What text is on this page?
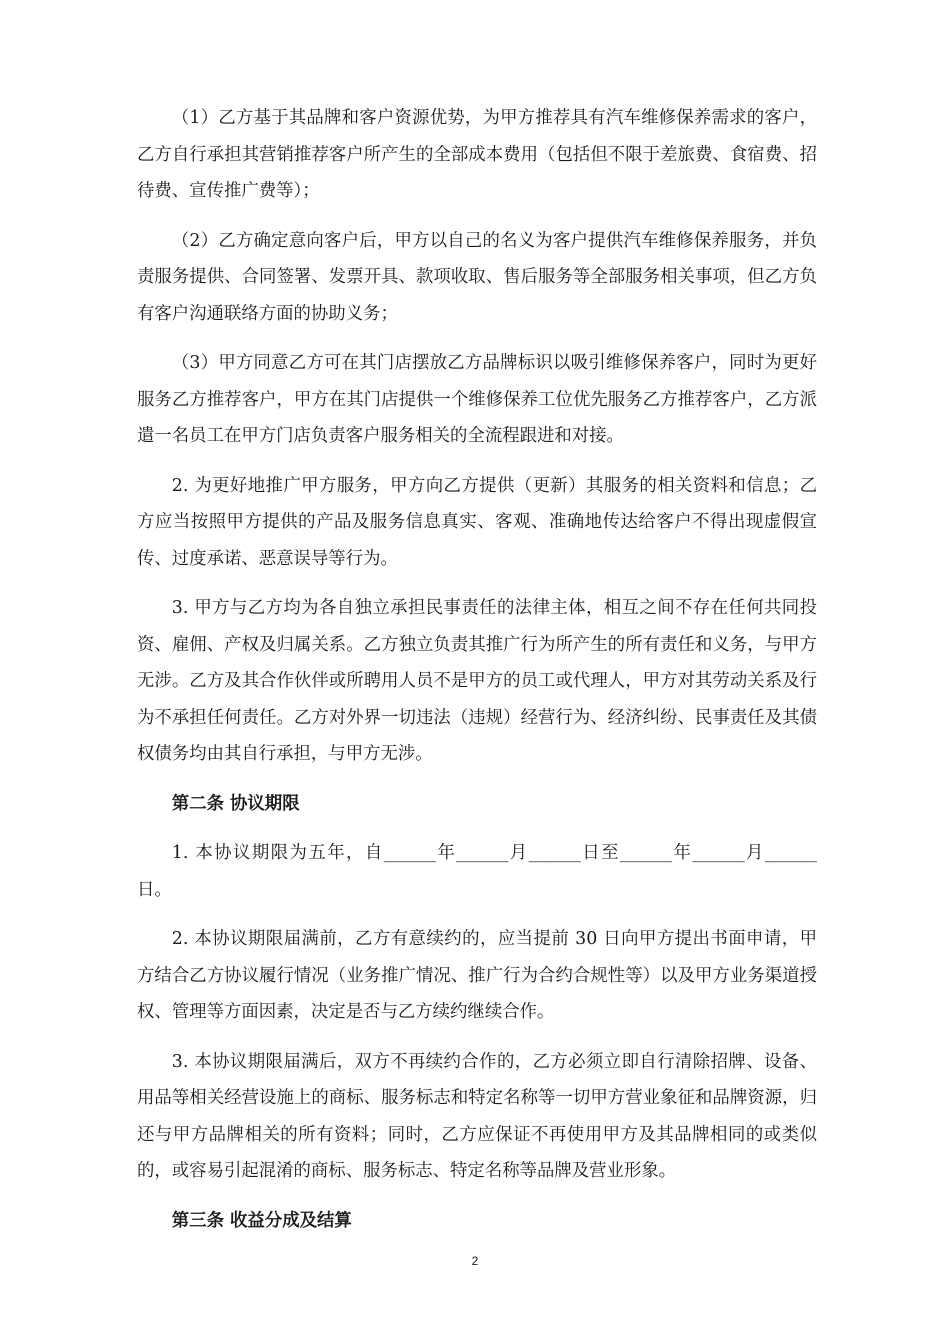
（1）乙方基于其品牌和客户资源优势，为甲方推荐具有汽车维修保养需求的客户，乙方自行承担其营销推荐客户所产生的全部成本费用（包括但不限于差旅费、食宿费、招待费、宣传推广费等）；

（2）乙方确定意向客户后，甲方以自己的名义为客户提供汽车维修保养服务，并负责服务提供、合同签署、发票开具、款项收取、售后服务等全部服务相关事项，但乙方负有客户沟通联络方面的协助义务；

（3）甲方同意乙方可在其门店摆放乙方品牌标识以吸引维修保养客户，同时为更好服务乙方推荐客户，甲方在其门店提供一个维修保养工位优先服务乙方推荐客户，乙方派遣一名员工在甲方门店负责客户服务相关的全流程跟进和对接。

2. 为更好地推广甲方服务，甲方向乙方提供（更新）其服务的相关资料和信息；乙方应当按照甲方提供的产品及服务信息真实、客观、准确地传达给客户不得出现虚假宣传、过度承诺、恶意误导等行为。

3. 甲方与乙方均为各自独立承担民事责任的法律主体，相互之间不存在任何共同投资、雇佣、产权及归属关系。乙方独立负责其推广行为所产生的所有责任和义务，与甲方无涉。乙方及其合作伙伴或所聘用人员不是甲方的员工或代理人，甲方对其劳动关系及行为不承担任何责任。乙方对外界一切违法（违规）经营行为、经济纠纷、民事责任及其债权债务均由其自行承担，与甲方无涉。

第二条 协议期限

1. 本协议期限为五年，自______年______月______日至______年______月______日。

2. 本协议期限届满前，乙方有意续约的，应当提前 30 日向甲方提出书面申请，甲方结合乙方协议履行情况（业务推广情况、推广行为合约合规性等）以及甲方业务渠道授权、管理等方面因素，决定是否与乙方续约继续合作。

3. 本协议期限届满后，双方不再续约合作的，乙方必须立即自行清除招牌、设备、用品等相关经营设施上的商标、服务标志和特定名称等一切甲方营业象征和品牌资源，归还与甲方品牌相关的所有资料；同时，乙方应保证不再使用甲方及其品牌相同的或类似的，或容易引起混淆的商标、服务标志、特定名称等品牌及营业形象。

第三条 收益分成及结算

2
